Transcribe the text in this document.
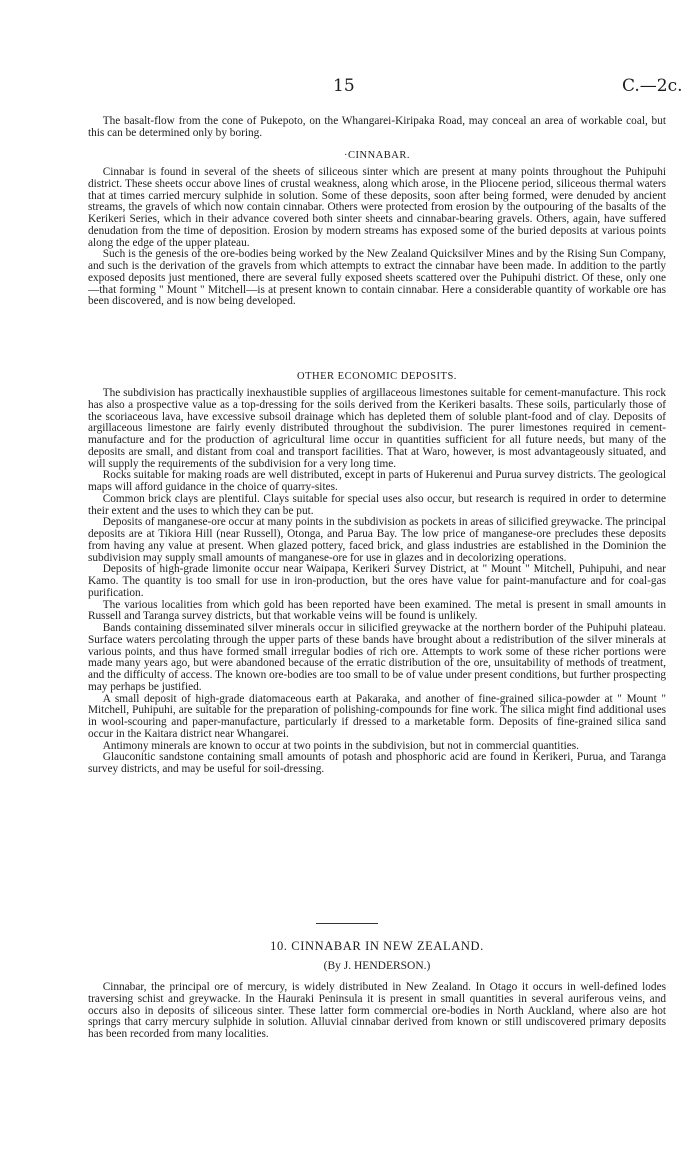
15	C.—2c.

The basalt-flow from the cone of Pukepoto, on the Whangarei-Kiripaka Road, may conceal an area of workable coal, but this can be determined only by boring.

·CINNABAR.

Cinnabar is found in several of the sheets of siliceous sinter which are present at many points throughout the Puhipuhi district. These sheets occur above lines of crustal weakness, along which arose, in the Pliocene period, siliceous thermal waters that at times carried mercury sulphide in solution. Some of these deposits, soon after being formed, were denuded by ancient streams, the gravels of which now contain cinnabar. Others were protected from erosion by the outpouring of the basalts of the Kerikeri Series, which in their advance covered both sinter sheets and cinnabar-bearing gravels. Others, again, have suffered denudation from the time of deposition. Erosion by modern streams has exposed some of the buried deposits at various points along the edge of the upper plateau.

Such is the genesis of the ore-bodies being worked by the New Zealand Quicksilver Mines and by the Rising Sun Company, and such is the derivation of the gravels from which attempts to extract the cinnabar have been made. In addition to the partly exposed deposits just mentioned, there are several fully exposed sheets scattered over the Puhipuhi district. Of these, only one—that forming " Mount " Mitchell—is at present known to contain cinnabar. Here a considerable quantity of workable ore has been discovered, and is now being developed.

OTHER ECONOMIC DEPOSITS.

The subdivision has practically inexhaustible supplies of argillaceous limestones suitable for cement-manufacture. This rock has also a prospective value as a top-dressing for the soils derived from the Kerikeri basalts. These soils, particularly those of the scoriaceous lava, have excessive subsoil drainage which has depleted them of soluble plant-food and of clay. Deposits of argillaceous limestone are fairly evenly distributed throughout the subdivision. The purer limestones required in cement-manufacture and for the production of agricultural lime occur in quantities sufficient for all future needs, but many of the deposits are small, and distant from coal and transport facilities. That at Waro, however, is most advantageously situated, and will supply the requirements of the subdivision for a very long time.

Rocks suitable for making roads are well distributed, except in parts of Hukerenui and Purua survey districts. The geological maps will afford guidance in the choice of quarry-sites.

Common brick clays are plentiful. Clays suitable for special uses also occur, but research is required in order to determine their extent and the uses to which they can be put.

Deposits of manganese-ore occur at many points in the subdivision as pockets in areas of silicified greywacke. The principal deposits are at Tikiora Hill (near Russell), Otonga, and Parua Bay. The low price of manganese-ore precludes these deposits from having any value at present. When glazed pottery, faced brick, and glass industries are established in the Dominion the subdivision may supply small amounts of manganese-ore for use in glazes and in decolorizing operations.

Deposits of high-grade limonite occur near Waipapa, Kerikeri Survey District, at " Mount " Mitchell, Puhipuhi, and near Kamo. The quantity is too small for use in iron-production, but the ores have value for paint-manufacture and for coal-gas purification.

The various localities from which gold has been reported have been examined. The metal is present in small amounts in Russell and Taranga survey districts, but that workable veins will be found is unlikely.

Bands containing disseminated silver minerals occur in silicified greywacke at the northern border of the Puhipuhi plateau. Surface waters percolating through the upper parts of these bands have brought about a redistribution of the silver minerals at various points, and thus have formed small irregular bodies of rich ore. Attempts to work some of these richer portions were made many years ago, but were abandoned because of the erratic distribution of the ore, unsuitability of methods of treatment, and the difficulty of access. The known ore-bodies are too small to be of value under present conditions, but further prospecting may perhaps be justified.

A small deposit of high-grade diatomaceous earth at Pakaraka, and another of fine-grained silica-powder at " Mount " Mitchell, Puhipuhi, are suitable for the preparation of polishing-compounds for fine work. The silica might find additional uses in wool-scouring and paper-manufacture, particularly if dressed to a marketable form. Deposits of fine-grained silica sand occur in the Kaitara district near Whangarei.

Antimony minerals are known to occur at two points in the subdivision, but not in commercial quantities.

Glauconitic sandstone containing small amounts of potash and phosphoric acid are found in Kerikeri, Purua, and Taranga survey districts, and may be useful for soil-dressing.

10. CINNABAR IN NEW ZEALAND.
(By J. HENDERSON.)

Cinnabar, the principal ore of mercury, is widely distributed in New Zealand. In Otago it occurs in well-defined lodes traversing schist and greywacke. In the Hauraki Peninsula it is present in small quantities in several auriferous veins, and occurs also in deposits of siliceous sinter. These latter form commercial ore-bodies in North Auckland, where also are hot springs that carry mercury sulphide in solution. Alluvial cinnabar derived from known or still undiscovered primary deposits has been recorded from many localities.
